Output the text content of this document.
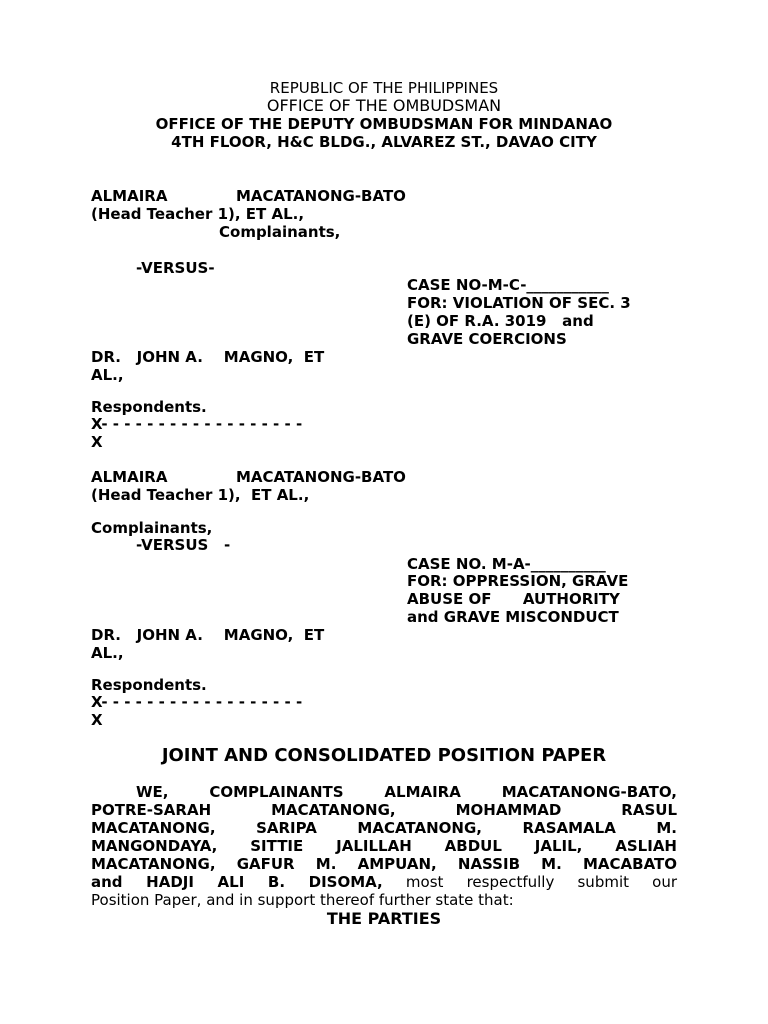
REPUBLIC OF THE PHILIPPINES
OFFICE OF THE OMBUDSMAN
OFFICE OF THE DEPUTY OMBUDSMAN FOR MINDANAO
4TH FLOOR, H&C BLDG., ALVAREZ ST., DAVAO CITY
ALMAIRA	MACATANONG-BATO
(Head Teacher 1), ET AL.,
Complainants,
-VERSUS-
CASE NO-M-C-___________
FOR: VIOLATION OF SEC. 3
(E) OF R.A. 3019   and
GRAVE COERCIONS
DR.   JOHN A.    MAGNO,  ET
AL.,
Respondents.
X- - - - - - - - - - - - - - - - - -
X
ALMAIRA	MACATANONG-BATO
(Head Teacher 1),  ET AL.,
Complainants,
-VERSUS   -
CASE NO. M-A-__________
FOR: OPPRESSION, GRAVE
ABUSE OF      AUTHORITY
and GRAVE MISCONDUCT
DR.   JOHN A.    MAGNO,  ET
AL.,
Respondents.
X- - - - - - - - - - - - - - - - - -
X
JOINT AND CONSOLIDATED POSITION PAPER
WE, COMPLAINANTS ALMAIRA MACATANONG-BATO,
POTRE-SARAH MACATANONG, MOHAMMAD RASUL
MACATANONG, SARIPA MACATANONG, RASAMALA M.
MANGONDAYA, SITTIE JALILLAH ABDUL JALIL, ASLIAH
MACATANONG, GAFUR M. AMPUAN, NASSIB M. MACABATO
and HADJI ALI B. DISOMA, most respectfully submit our
Position Paper, and in support thereof further state that:
THE PARTIES
